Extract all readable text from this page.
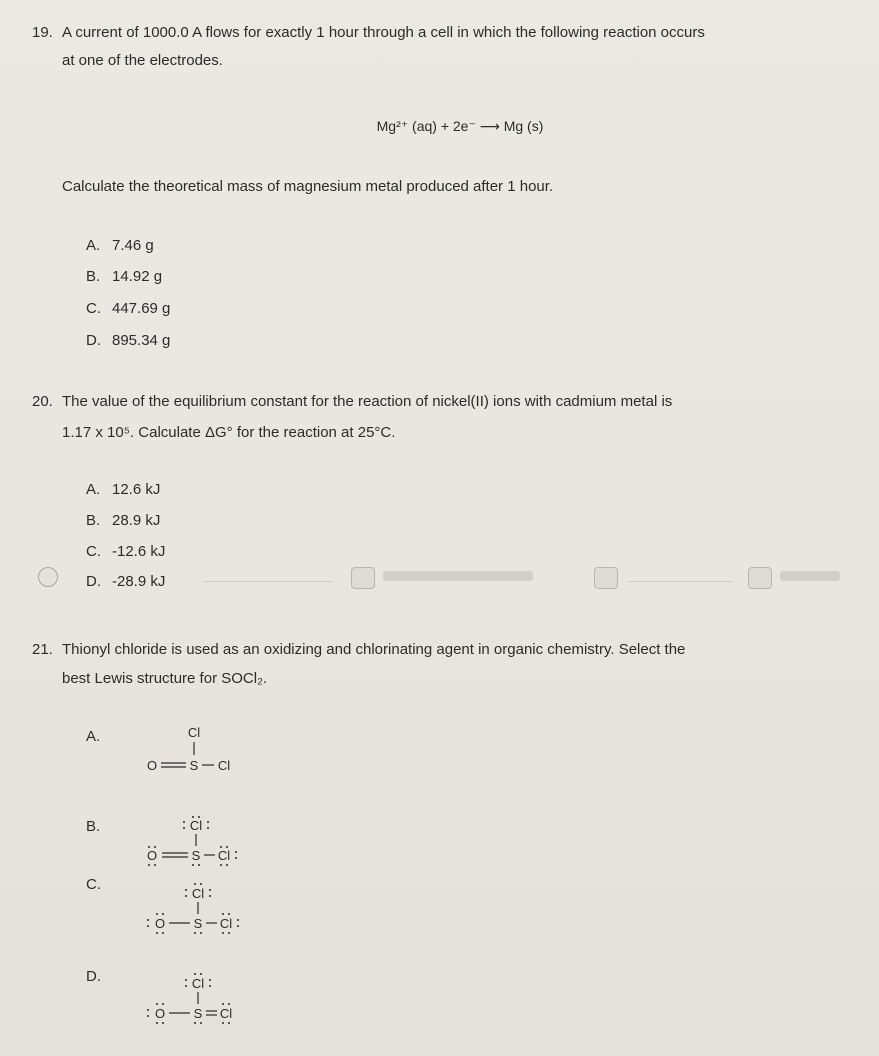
19. A current of 1000.0 A flows for exactly 1 hour through a cell in which the following reaction occurs
at one of the electrodes.
Mg²⁺ (aq) + 2e⁻ ⟶ Mg (s)
Calculate the theoretical mass of magnesium metal produced after 1 hour.
A. 7.46 g
B. 14.92 g
C. 447.69 g
D. 895.34 g
20. The value of the equilibrium constant for the reaction of nickel(II) ions with cadmium metal is
1.17 x 10⁵. Calculate ΔG° for the reaction at 25°C.
A. 12.6 kJ
B. 28.9 kJ
C. -12.6 kJ
D. -28.9 kJ
21. Thionyl chloride is used as an oxidizing and chlorinating agent in organic chemistry. Select the
best Lewis structure for SOCl₂.
A.	Cl
O	S Cl
B.	Cl
O	S Cl
C.
Cl
O S Cl
D.	Cl
O S Cl
